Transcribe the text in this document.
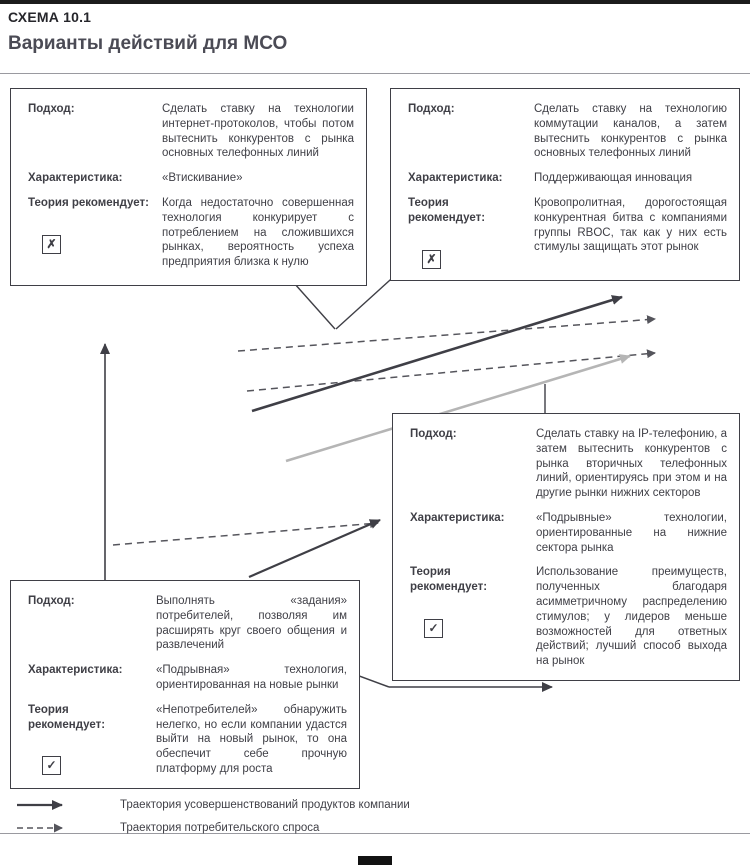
СХЕМА 10.1
Варианты действий для МСО
Подход:	Сделать ставку на технологии интернет-протоколов, чтобы потом вытеснить конкурентов с рынка основных телефонных линий
Характеристика:	«Втискивание»
Теория рекомендует:
✗
Когда недостаточно совершенная технология конкурирует с потреблением на сложившихся рынках, вероятность успеха предприятия близка к нулю
Подход:	Сделать ставку на технологию коммутации каналов, а затем вытеснить конкурентов с рынка основных телефонных линий
Характеристика:	Поддерживающая инновация
Теория рекомендует:
✗
Кровопролитная, дорогостоящая конкурентная битва с компаниями группы RBOC, так как у них есть стимулы защищать этот рынок
Подход:	Сделать ставку на IP-телефонию, а затем вытеснить конкурентов с рынка вторичных телефонных линий, ориентируясь при этом и на другие рынки нижних секторов
Характеристика:	«Подрывные» технологии, ориентированные на нижние сектора рынка
Теория рекомендует:
✓
Использование преимуществ, полученных благодаря асимметричному распределению стимулов; у лидеров меньше возможностей для ответных действий; лучший способ выхода на рынок
Подход:	Выполнять «задания» потребителей, позволяя им расширять круг своего общения и развлечений
Характеристика:	«Подрывная» технология, ориентированная на новые рынки
Теория рекомендует:
✓
«Непотребителей» обнаружить нелегко, но если компании удастся выйти на новый рынок, то она обеспечит себе прочную платформу для роста
Траектория усовершенствований продуктов компании
Траектория потребительского спроса
